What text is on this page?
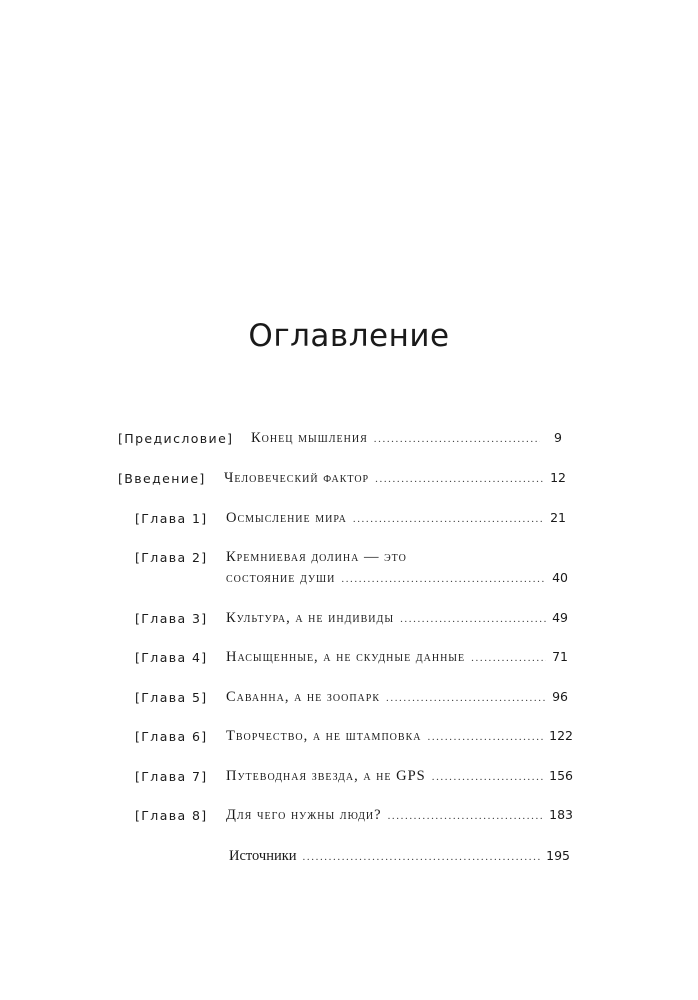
Оглавление
[Предисловие] Конец мышления .....	9
[Введение] Человеческий фактор .....	12
[Глава 1] Осмысление мира .....	21
[Глава 2] Кремниевая долина — это
состояние души .....	40
[Глава 3] Культура, а не индивиды .....	49
[Глава 4] Насыщенные, а не скудные данные .....	71
[Глава 5] Саванна, а не зоопарк .....	96
[Глава 6] Творчество, а не штамповка .....	122
[Глава 7] Путеводная звезда, а не GPS .....	156
[Глава 8] Для чего нужны люди? .....	183
Источники .....	195
